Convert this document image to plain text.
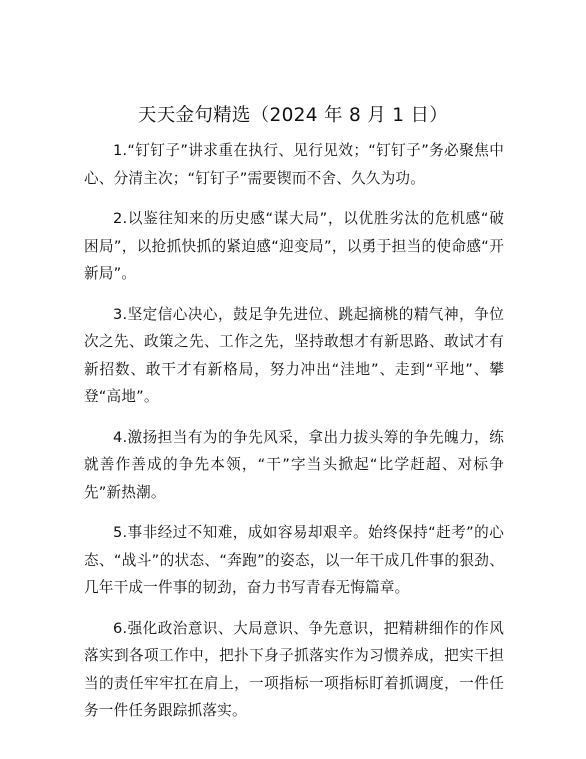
天天金句精选（2024 年 8 月 1 日）

1.“钉钉子”讲求重在执行、见行见效；“钉钉子”务必聚焦中心、分清主次；“钉钉子”需要锲而不舍、久久为功。

2.以鉴往知来的历史感“谋大局”，以优胜劣汰的危机感“破困局”，以抢抓快抓的紧迫感“迎变局”，以勇于担当的使命感“开新局”。

3.坚定信心决心，鼓足争先进位、跳起摘桃的精气神，争位次之先、政策之先、工作之先，坚持敢想才有新思路、敢试才有新招数、敢干才有新格局，努力冲出“洼地”、走到“平地”、攀登“高地”。

4.激扬担当有为的争先风采，拿出力拔头筹的争先魄力，练就善作善成的争先本领，“干”字当头掀起“比学赶超、对标争先”新热潮。

5.事非经过不知难，成如容易却艰辛。始终保持“赶考”的心态、“战斗”的状态、“奔跑”的姿态，以一年干成几件事的狠劲、几年干成一件事的韧劲，奋力书写青春无悔篇章。

6.强化政治意识、大局意识、争先意识，把精耕细作的作风落实到各项工作中，把扑下身子抓落实作为习惯养成，把实干担当的责任牢牢扛在肩上，一项指标一项指标盯着抓调度，一件任务一件任务跟踪抓落实。
